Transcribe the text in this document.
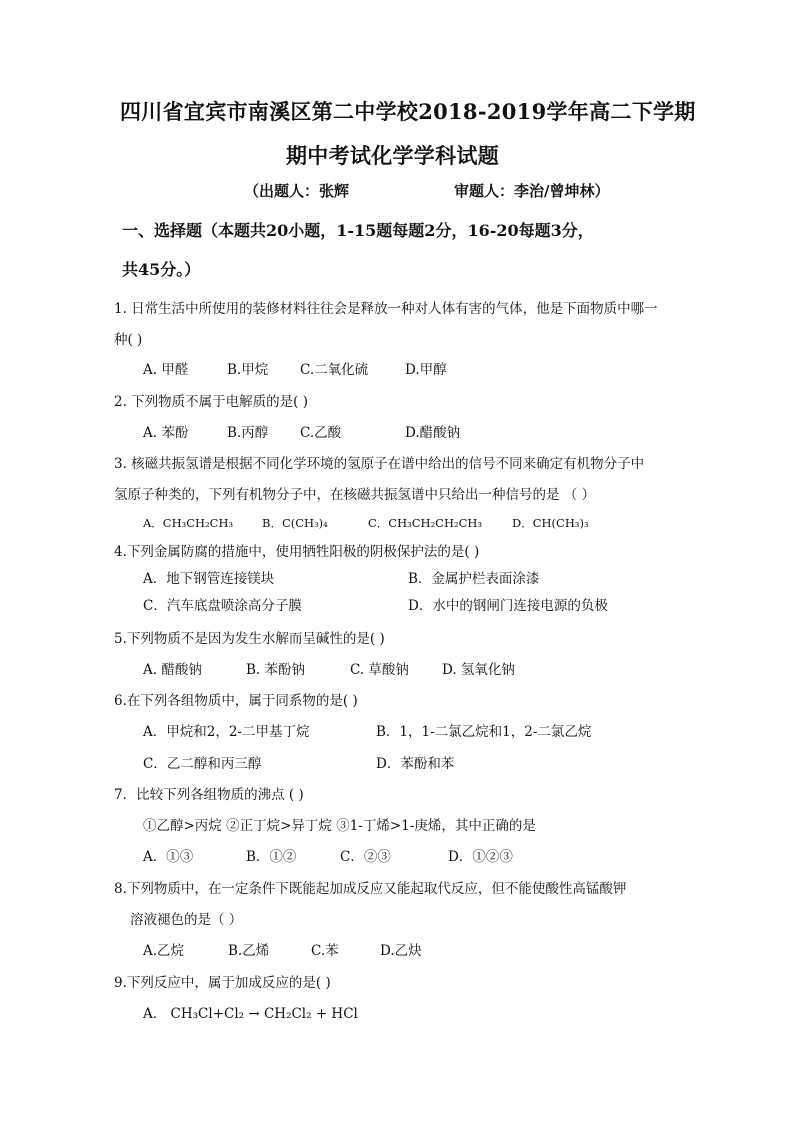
四川省宜宾市南溪区第二中学校2018-2019学年高二下学期
期中考试化学学科试题
（出题人：张辉	审题人：李治/曾坤林）
一、选择题（本题共20小题，1-15题每题2分，16-20每题3分，
共45分。）
1. 日常生活中所使用的装修材料往往会是释放一种对人体有害的气体，他是下面物质中哪一
种( )
A. 甲醛	B.甲烷 C.二氧化硫	D.甲醇
2. 下列物质不属于电解质的是( )
A. 苯酚	B.丙醇 C.乙酸	D.醋酸钠
3. 核磁共振氢谱是根据不同化学环境的氢原子在谱中给出的信号不同来确定有机物分子中
氢原子种类的，下列有机物分子中，在核磁共振氢谱中只给出一种信号的是 （ ）
A．CH₃CH₂CH₃	B．C(CH₃)₄	C．CH₃CH₂CH₂CH₃	D．CH(CH₃)₃
4.下列金属防腐的措施中，使用牺牲阳极的阴极保护法的是( )
A．地下钢管连接镁块	B．金属护栏表面涂漆
C．汽车底盘喷涂高分子膜	D．水中的钢闸门连接电源的负极
5.下列物质不是因为发生水解而呈碱性的是( )
A. 醋酸钠	B. 苯酚钠	C. 草酸钠 D. 氢氧化钠
6.在下列各组物质中，属于同系物的是( )
A．甲烷和2，2-二甲基丁烷	B．1，1-二氯乙烷和1，2-二氯乙烷
C．乙二醇和丙三醇	D．苯酚和苯
7．比较下列各组物质的沸点 ( )
①乙醇>丙烷 ②正丁烷>异丁烷 ③1-丁烯>1-庚烯，其中正确的是
A．①③	B．①②	C．②③	D．①②③
8.下列物质中，在一定条件下既能起加成反应又能起取代反应，但不能使酸性高锰酸钾
溶液褪色的是（ ）
A.乙烷	B.乙烯	C.苯	D.乙炔
9.下列反应中，属于加成反应的是( )
A． CH₃Cl+Cl₂ → CH₂Cl₂ + HCl
